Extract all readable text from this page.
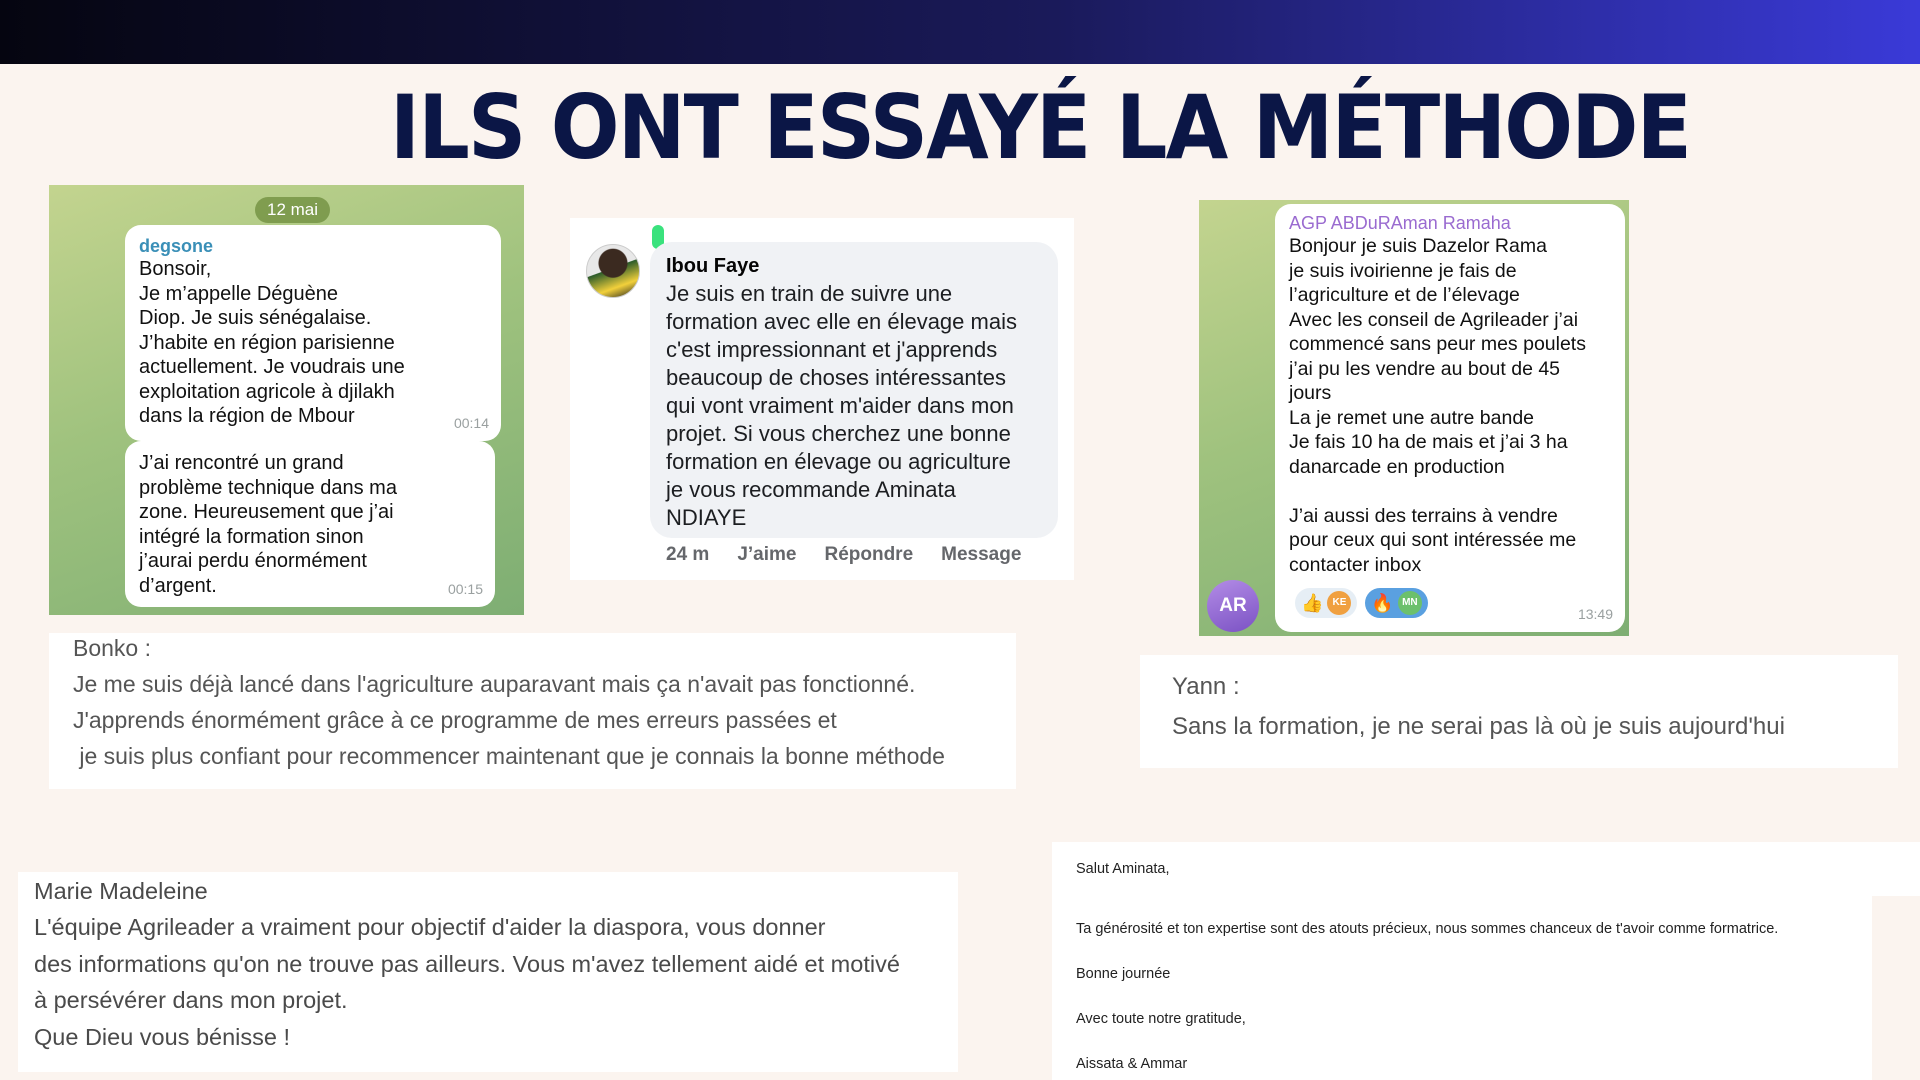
ILS ONT ESSAYÉ LA MÉTHODE
12 mai
degsone
Bonsoir,
Je m’appelle Déguène
Diop. Je suis sénégalaise.
J’habite en région parisienne
actuellement. Je voudrais une
exploitation agricole à djilakh
dans la région de Mbour	00:14
J’ai rencontré un grand
problème technique dans ma
zone. Heureusement que j’ai
intégré la formation sinon
j’aurai perdu énormément
d’argent.	00:15
Ibou Faye
Je suis en train de suivre une
formation avec elle en élevage mais
c'est impressionnant et j'apprends
beaucoup de choses intéressantes
qui vont vraiment m'aider dans mon
projet. Si vous cherchez une bonne
formation en élevage ou agriculture
je vous recommande Aminata
NDIAYE
24 m J’aime Répondre Message
AGP ABDuRAman Ramaha
Bonjour je suis Dazelor Rama
je suis ivoirienne je fais de
l’agriculture et de l’élevage
Avec les conseil de Agrileader j’ai
commencé sans peur mes poulets
j’ai pu les vendre au bout de 45
jours
La je remet une autre bande
Je fais 10 ha de mais et j’ai 3 ha
danarcade en production
J’ai aussi des terrains à vendre
pour ceux qui sont intéressée me
contacter inbox
👍 KE 🔥 MN
13:49
AR
Bonko :
Je me suis déjà lancé dans l'agriculture auparavant mais ça n'avait pas fonctionné.
J'apprends énormément grâce à ce programme de mes erreurs passées et
je suis plus confiant pour recommencer maintenant que je connais la bonne méthode
Yann :
Sans la formation, je ne serai pas là où je suis aujourd'hui
Marie Madeleine
L'équipe Agrileader a vraiment pour objectif d'aider la diaspora, vous donner
des informations qu'on ne trouve pas ailleurs. Vous m'avez tellement aidé et motivé
à persévérer dans mon projet.
Que Dieu vous bénisse !
Salut Aminata,
Ta générosité et ton expertise sont des atouts précieux, nous sommes chanceux de t'avoir comme formatrice.
Bonne journée
Avec toute notre gratitude,
Aissata & Ammar
